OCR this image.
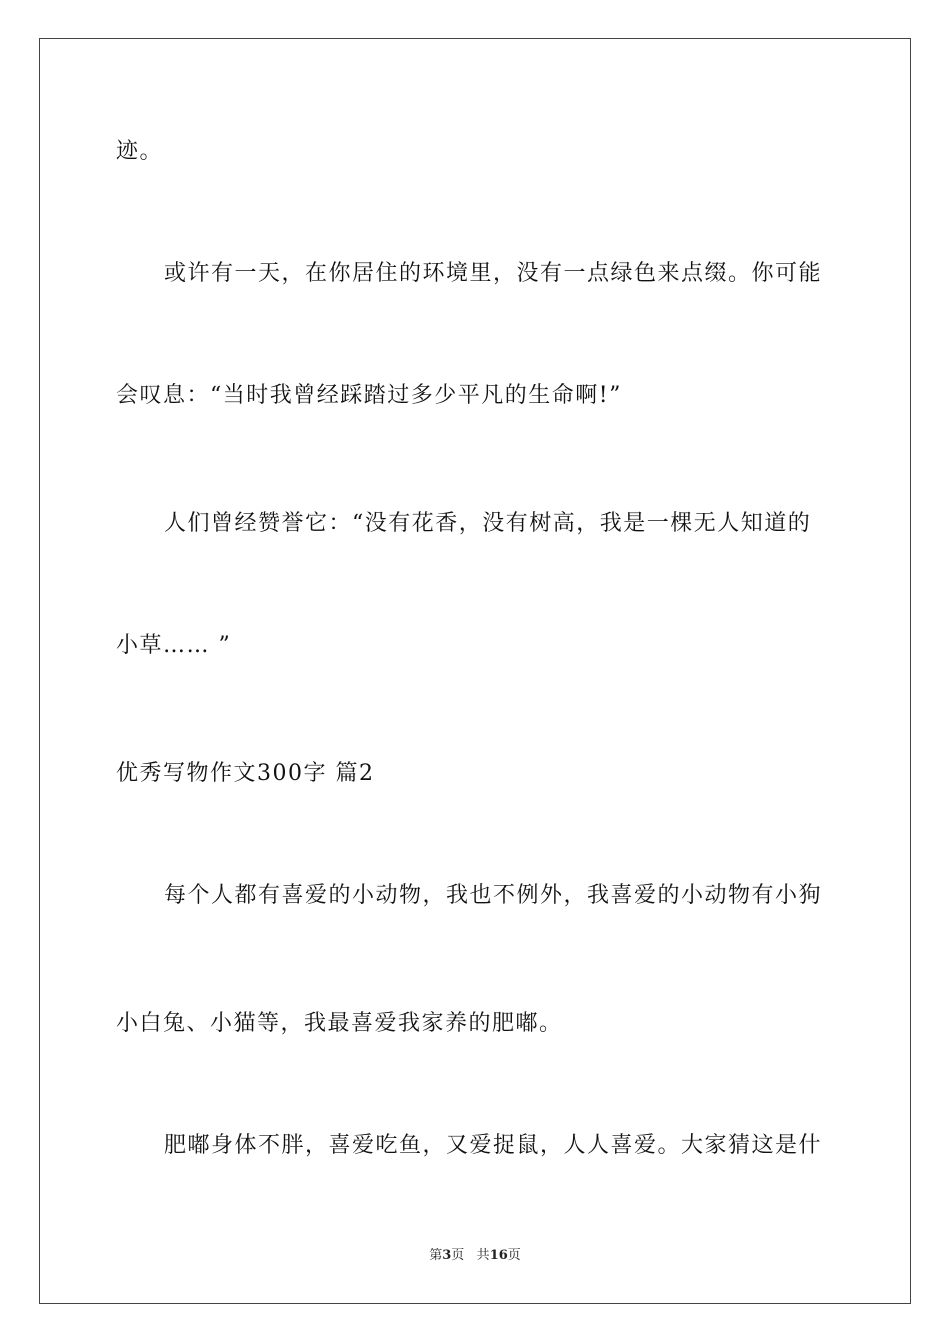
迹。
或许有一天，在你居住的环境里，没有一点绿色来点缀。你可能
会叹息：“当时我曾经踩踏过多少平凡的生命啊!”
人们曾经赞誉它：“没有花香，没有树高，我是一棵无人知道的
小草…… ”
优秀写物作文300字 篇2
每个人都有喜爱的小动物，我也不例外，我喜爱的小动物有小狗
小白兔、小猫等，我最喜爱我家养的肥嘟。
肥嘟身体不胖，喜爱吃鱼，又爱捉鼠，人人喜爱。大家猜这是什
第3页 共16页
